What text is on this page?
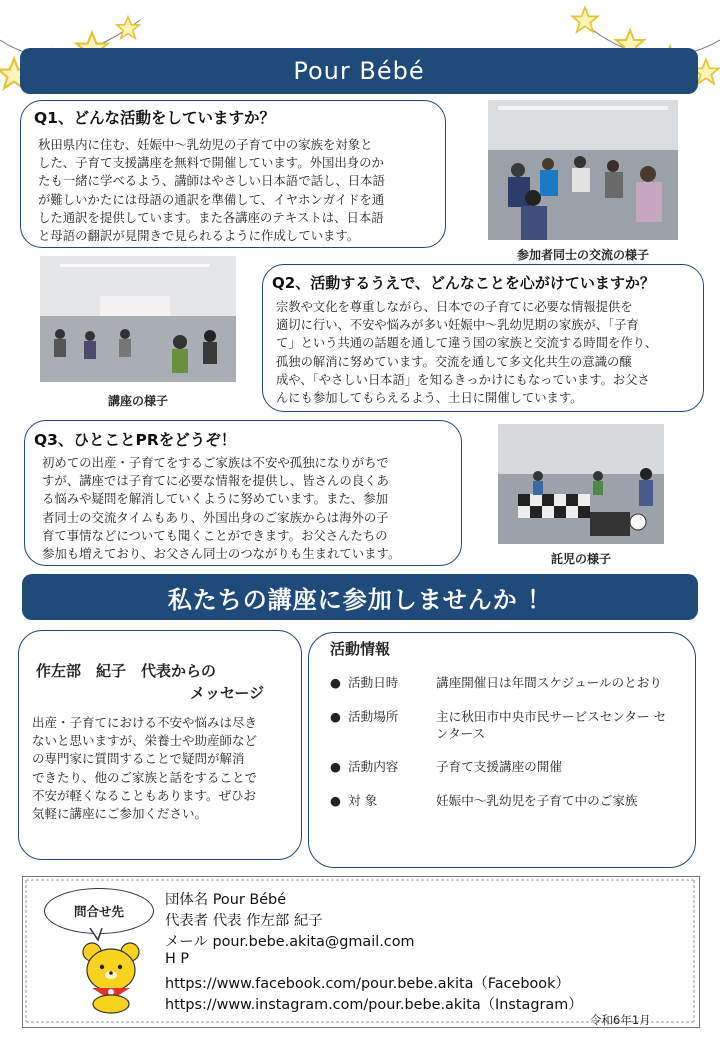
Pour Bébé
Q1、どんな活動をしていますか？
秋田県内に住む、妊娠中～乳幼児の子育て中の家族を対象と
した、子育て支援講座を無料で開催しています。外国出身のか
たも一緒に学べるよう、講師はやさしい日本語で話し、日本語
が難しいかたには母語の通訳を準備して、イヤホンガイドを通
した通訳を提供しています。また各講座のテキストは、日本語
と母語の翻訳が見開きで見られるように作成しています。
参加者同士の交流の様子
講座の様子
Q2、活動するうえで、どんなことを心がけていますか？
宗教や文化を尊重しながら、日本での子育てに必要な情報提供を
適切に行い、不安や悩みが多い妊娠中～乳幼児期の家族が、「子育
て」という共通の話題を通して違う国の家族と交流する時間を作り、
孤独の解消に努めています。交流を通して多文化共生の意識の醸
成や、「やさしい日本語」を知るきっかけにもなっています。お父さ
んにも参加してもらえるよう、土日に開催しています。
Q3、ひとことPRをどうぞ！
初めての出産・子育てをするご家族は不安や孤独になりがちで
すが、講座では子育てに必要な情報を提供し、皆さんの良くあ
る悩みや疑問を解消していくように努めています。また、参加
者同士の交流タイムもあり、外国出身のご家族からは海外の子
育て事情などについても聞くことができます。お父さんたちの
参加も増えており、お父さん同士のつながりも生まれています。	託児の様子
私たちの講座に参加しませんか ！
作左部　紀子　代表からの
メッセージ
出産・子育てにおける不安や悩みは尽き
ないと思いますが、栄養士や助産師など
の専門家に質問することで疑問が解消
できたり、他のご家族と話をすることで
不安が軽くなることもあります。ぜひお
気軽に講座にご参加ください。
活動情報
● 活動日時	講座開催日は年間スケジュールのとおり
● 活動場所	主に秋田市中央市民サービスセンター センタース
● 活動内容	子育て支援講座の開催
● 対 象	妊娠中～乳幼児を子育て中のご家族
問合せ先
団体名 Pour Bébé
代表者 代表 作左部 紀子
メール pour.bebe.akita@gmail.com
H P
https://www.facebook.com/pour.bebe.akita（Facebook）
https://www.instagram.com/pour.bebe.akita（Instagram）
令和6年1月
